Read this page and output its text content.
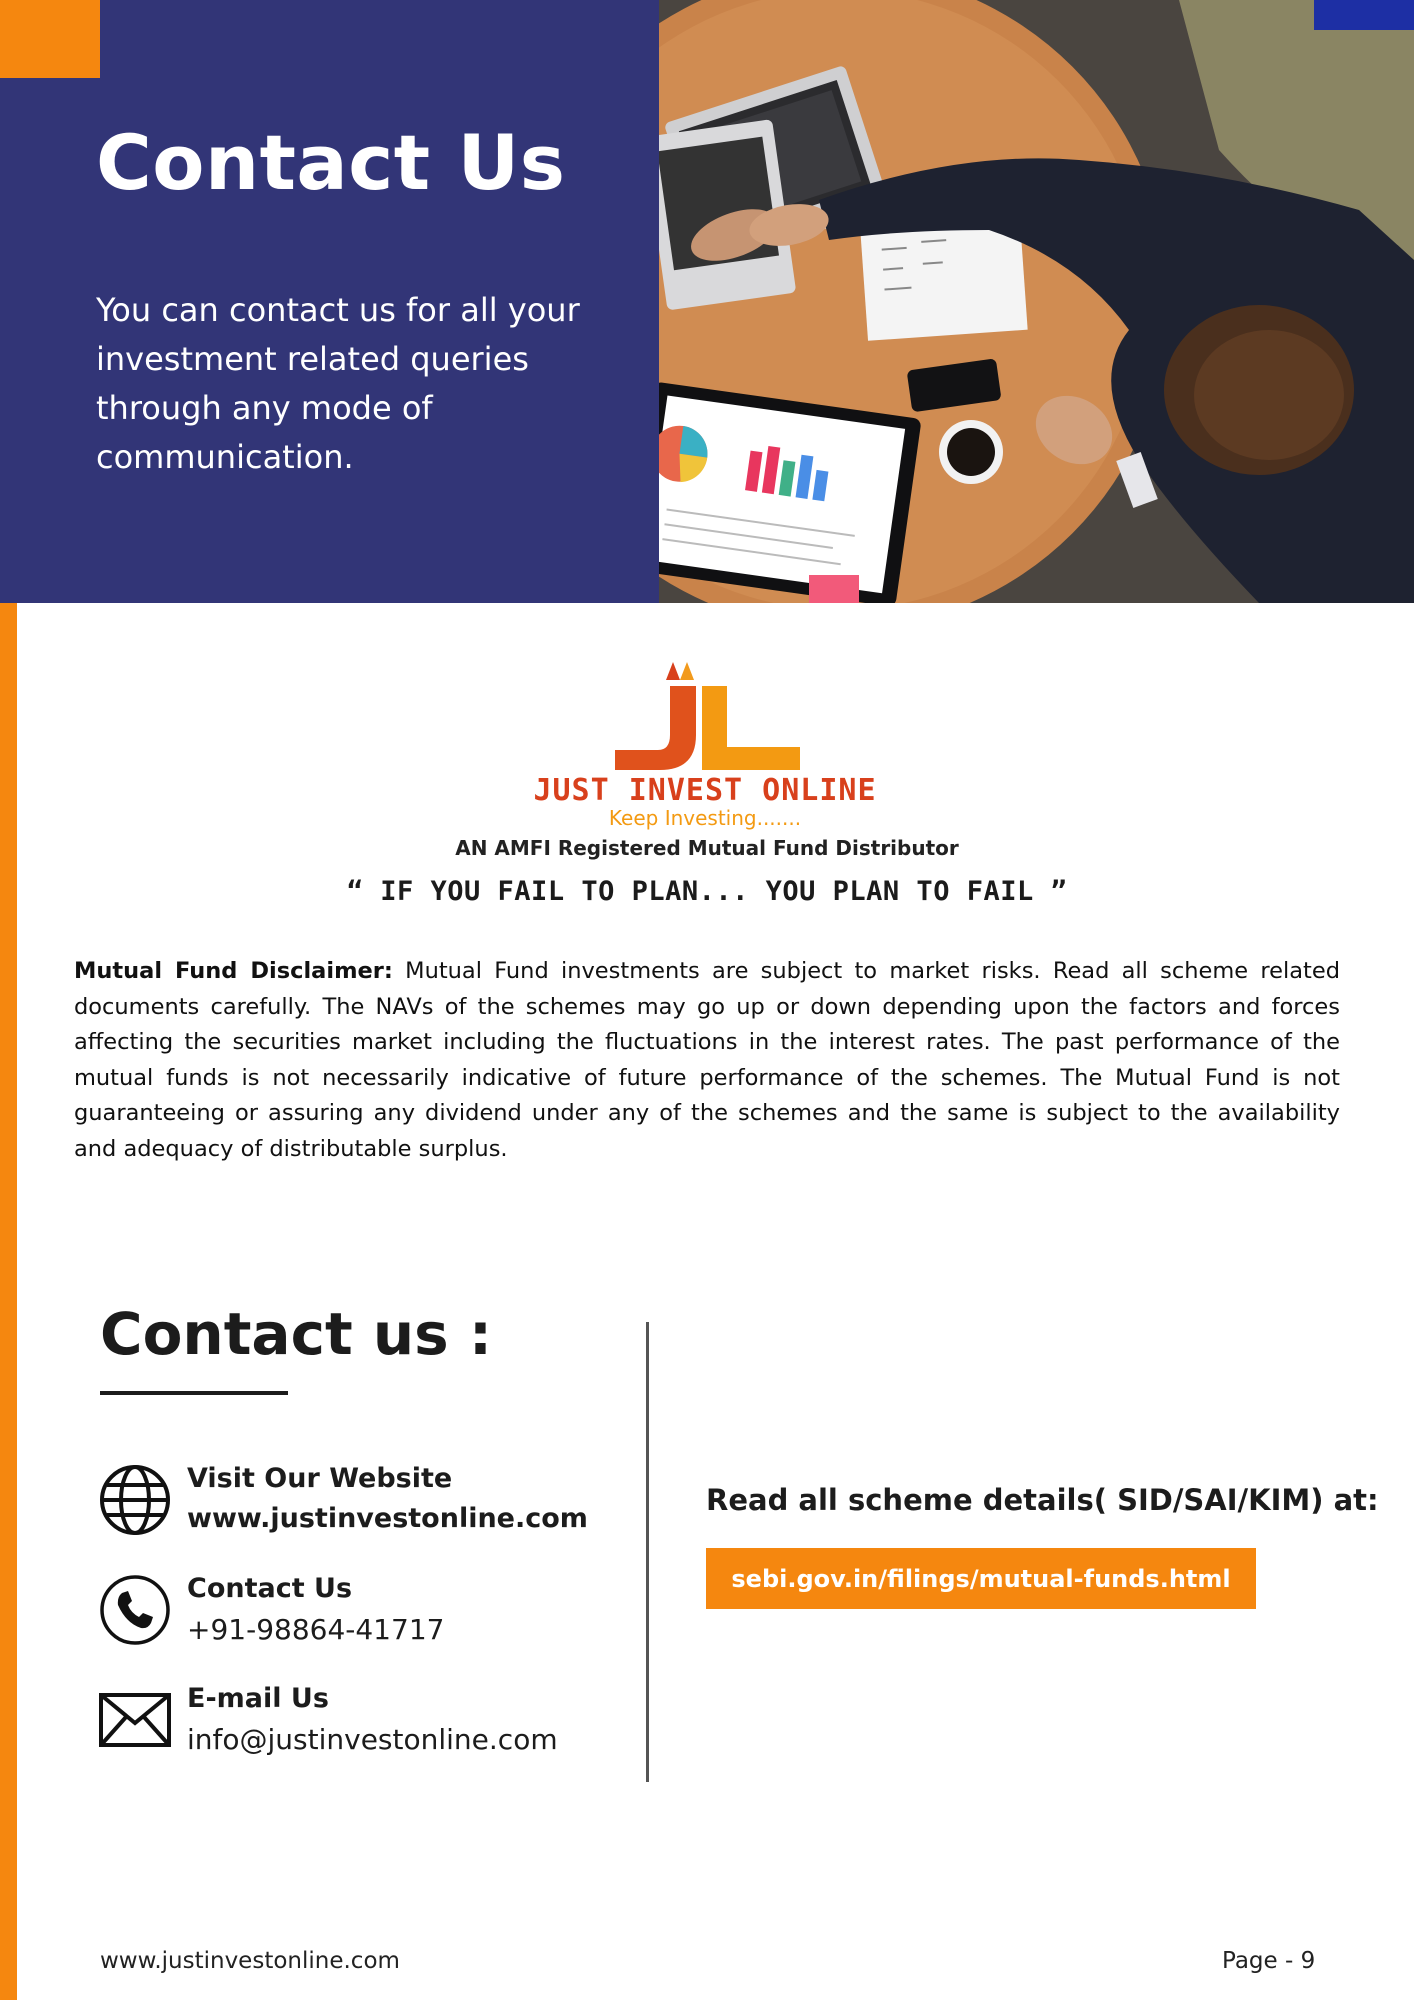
Contact Us
You can contact us for all your investment related queries through any mode of communication.
JUST INVEST ONLINE
Keep Investing.......
AN AMFI Registered Mutual Fund Distributor
“ IF YOU FAIL TO PLAN... YOU PLAN TO FAIL ”

Mutual Fund Disclaimer: Mutual Fund investments are subject to market risks. Read all scheme related documents carefully. The NAVs of the schemes may go up or down depending upon the factors and forces affecting the securities market including the fluctuations in the interest rates. The past performance of the mutual funds is not necessarily indicative of future performance of the schemes. The Mutual Fund is not guaranteeing or assuring any dividend under any of the schemes and the same is subject to the availability and adequacy of distributable surplus.

Contact us :
Visit Our Website
www.justinvestonline.com
Contact Us
+91-98864-41717
E-mail Us
info@justinvestonline.com
Read all scheme details( SID/SAI/KIM) at:
sebi.gov.in/filings/mutual-funds.html
www.justinvestonline.com	Page - 9
